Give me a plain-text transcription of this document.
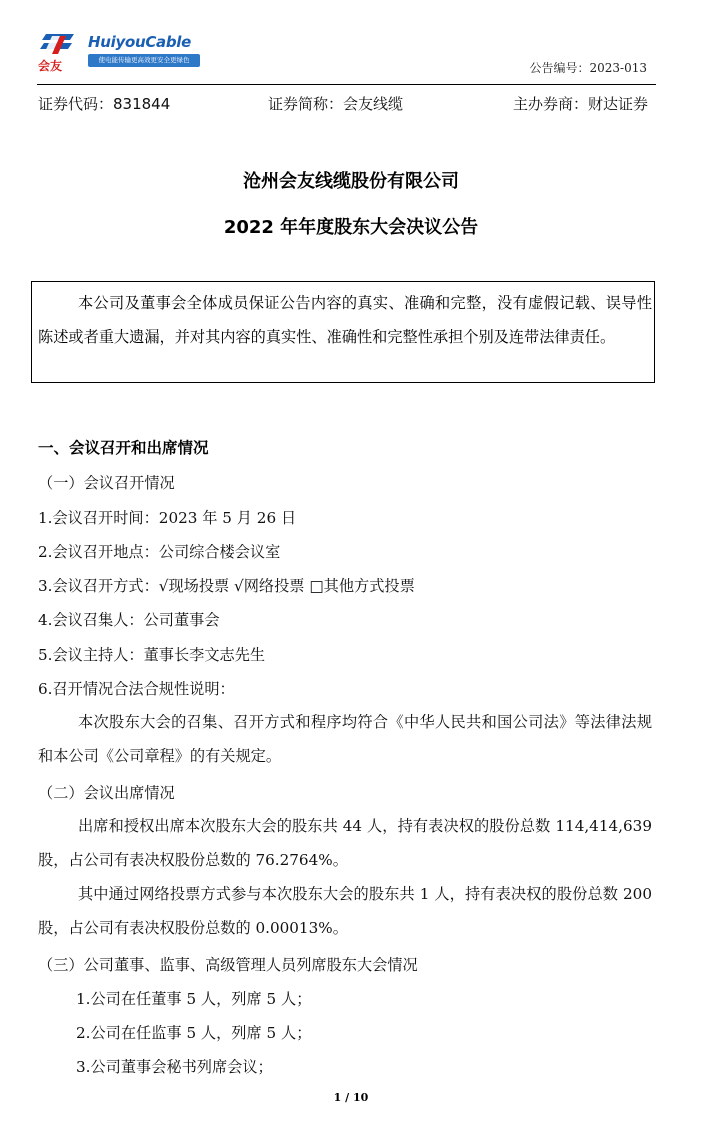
会友
HuiyouCable
使电能传输更高效更安全更绿色
公告编号：2023-013
证券代码：831844	证券简称：会友线缆	主办券商：财达证券
沧州会友线缆股份有限公司
2022 年年度股东大会决议公告
本公司及董事会全体成员保证公告内容的真实、准确和完整，没有虚假记载、误导性陈述或者重大遗漏，并对其内容的真实性、准确性和完整性承担个别及连带法律责任。
一、会议召开和出席情况
（一）会议召开情况
1.会议召开时间：2023 年 5 月 26 日
2.会议召开地点：公司综合楼会议室
3.会议召开方式：√现场投票 √网络投票 □其他方式投票
4.会议召集人：公司董事会
5.会议主持人：董事长李文志先生
6.召开情况合法合规性说明：
本次股东大会的召集、召开方式和程序均符合《中华人民共和国公司法》等法律法规和本公司《公司章程》的有关规定。
（二）会议出席情况
出席和授权出席本次股东大会的股东共 44 人，持有表决权的股份总数 114,414,639 股，占公司有表决权股份总数的 76.2764%。
其中通过网络投票方式参与本次股东大会的股东共 1 人，持有表决权的股份总数 200 股，占公司有表决权股份总数的 0.00013%。
（三）公司董事、监事、高级管理人员列席股东大会情况
1.公司在任董事 5 人，列席 5 人；
2.公司在任监事 5 人，列席 5 人；
3.公司董事会秘书列席会议；
1 / 10
